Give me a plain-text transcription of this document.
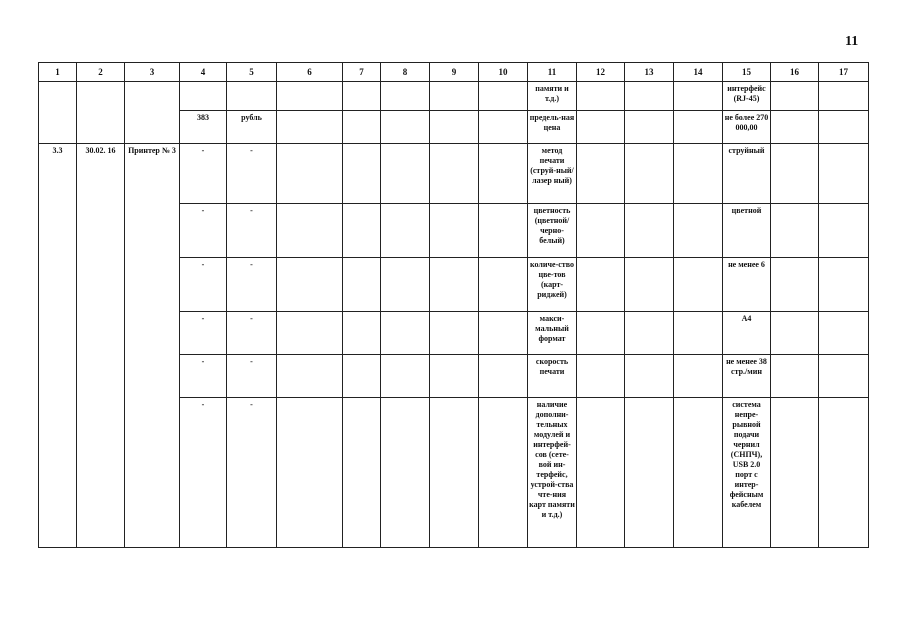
11
1	2	3	4	5	6	7	8	9	10	11	12	13	14	15	16	17
										памяти и т.д.)				интерфейс (RJ-45)		
			383	рубль						предель-ная цена				не более 270 000,00		
3.3	30.02. 16	Принтер № 3	-	-						метод печати (струй-ный/лазер ный)				струйный		
			-	-						цветность (цветной/ черно-белый)				цветной		
			-	-						количе-ство цве-тов (карт-риджей)				не менее 6		
			-	-						макси-мальный формат				А4		
			-	-						скорость печати				не менее 38 стр./мин		
			-	-						наличие дополни-тельных модулей и интерфей-сов (сете-вой ин-терфейс, устрой-ства чте-ния карт памяти и т.д.)				система непре-рывной подачи чернил (СНПЧ), USB 2.0 порт с интер-фейсным кабелем		
